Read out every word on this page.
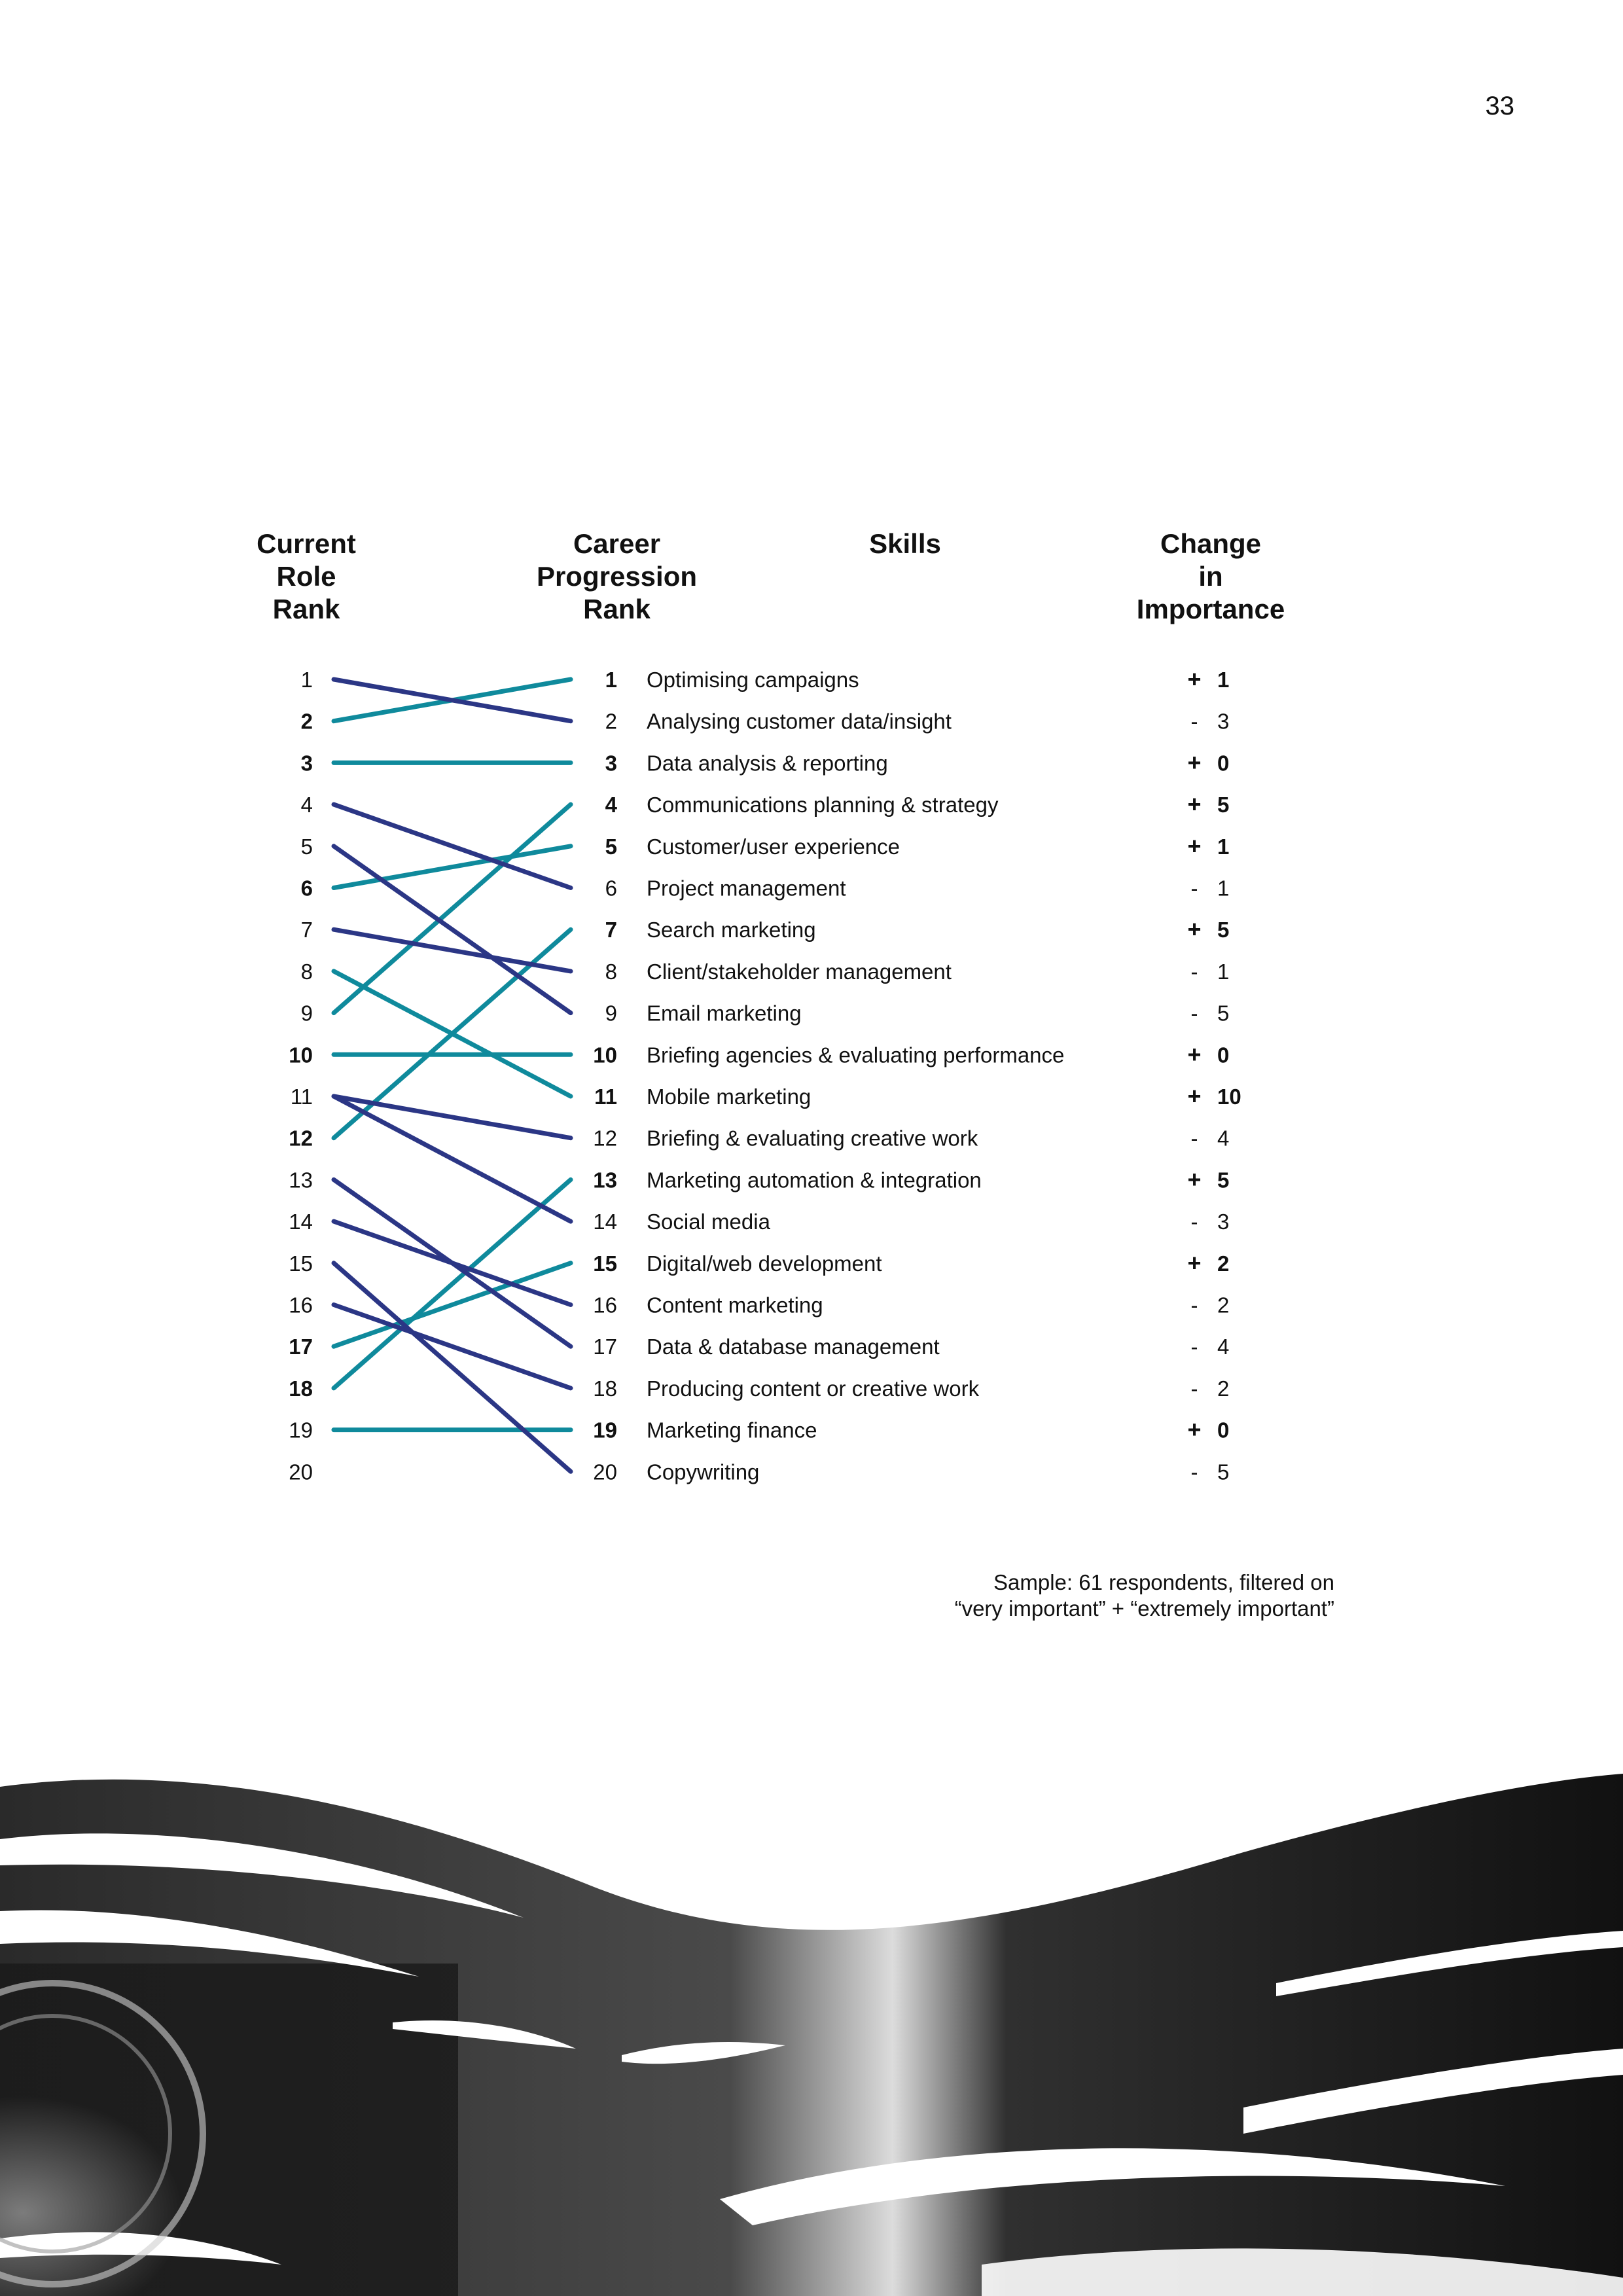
33
Current
Role
Rank
Career
Progression
Rank
Skills	Change
in
Importance
1
2
3
4
5
6
7
8
9
10
11
12
13
14
15
16
17
18
19
20
1
2
3
4
5
6
7
8
9
10
11
12
13
14
15
16
17
18
19
20
Optimising campaigns
Analysing customer data/insight
Data analysis & reporting
Communications planning & strategy
Customer/user experience
Project management
Search marketing
Client/stakeholder management
Email marketing
Briefing agencies & evaluating performance
Mobile marketing
Briefing & evaluating creative work
Marketing automation & integration
Social media
Digital/web development
Content marketing
Data & database management
Producing content or creative work
Marketing finance
Copywriting
+ 1
- 3
+ 0
+ 5
+ 1
- 1
+ 5
- 1
- 5
+ 0
+ 10
- 4
+ 5
- 3
+ 2
- 2
- 4
- 2
+ 0
- 5
Sample: 61 respondents, filtered on
“very important” + “extremely important”
